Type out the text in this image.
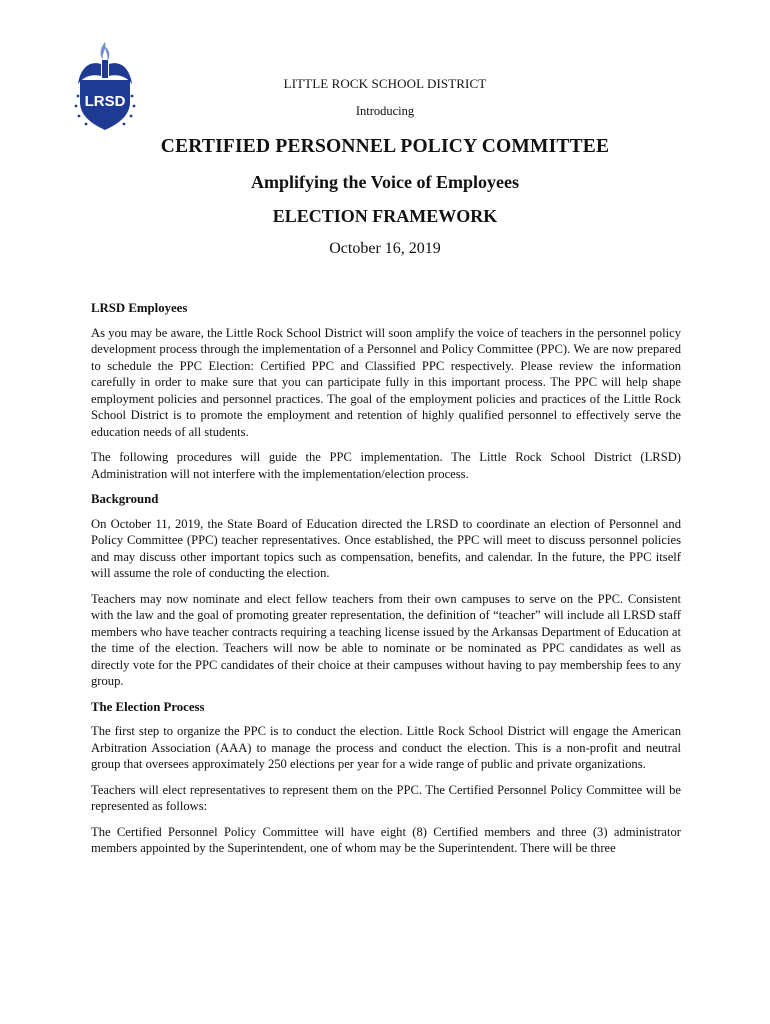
LRSD
LITTLE ROCK SCHOOL DISTRICT
Introducing
CERTIFIED PERSONNEL POLICY COMMITTEE
Amplifying the Voice of Employees
ELECTION FRAMEWORK
October 16, 2019
LRSD Employees

As you may be aware, the Little Rock School District will soon amplify the voice of teachers in the personnel policy development process through the implementation of a Personnel and Policy Committee (PPC). We are now prepared to schedule the PPC Election: Certified PPC and Classified PPC respectively. Please review the information carefully in order to make sure that you can participate fully in this important process. The PPC will help shape employment policies and personnel practices. The goal of the employment policies and practices of the Little Rock School District is to promote the employment and retention of highly qualified personnel to effectively serve the education needs of all students.

The following procedures will guide the PPC implementation. The Little Rock School District (LRSD) Administration will not interfere with the implementation/election process.

Background

On October 11, 2019, the State Board of Education directed the LRSD to coordinate an election of Personnel and Policy Committee (PPC) teacher representatives. Once established, the PPC will meet to discuss personnel policies and may discuss other important topics such as compensation, benefits, and calendar. In the future, the PPC itself will assume the role of conducting the election.

Teachers may now nominate and elect fellow teachers from their own campuses to serve on the PPC. Consistent with the law and the goal of promoting greater representation, the definition of “teacher” will include all LRSD staff members who have teacher contracts requiring a teaching license issued by the Arkansas Department of Education at the time of the election. Teachers will now be able to nominate or be nominated as PPC candidates as well as directly vote for the PPC candidates of their choice at their campuses without having to pay membership fees to any group.

The Election Process

The first step to organize the PPC is to conduct the election. Little Rock School District will engage the American Arbitration Association (AAA) to manage the process and conduct the election. This is a non-profit and neutral group that oversees approximately 250 elections per year for a wide range of public and private organizations.

Teachers will elect representatives to represent them on the PPC. The Certified Personnel Policy Committee will be represented as follows:

The Certified Personnel Policy Committee will have eight (8) Certified members and three (3) administrator members appointed by the Superintendent, one of whom may be the Superintendent. There will be three
